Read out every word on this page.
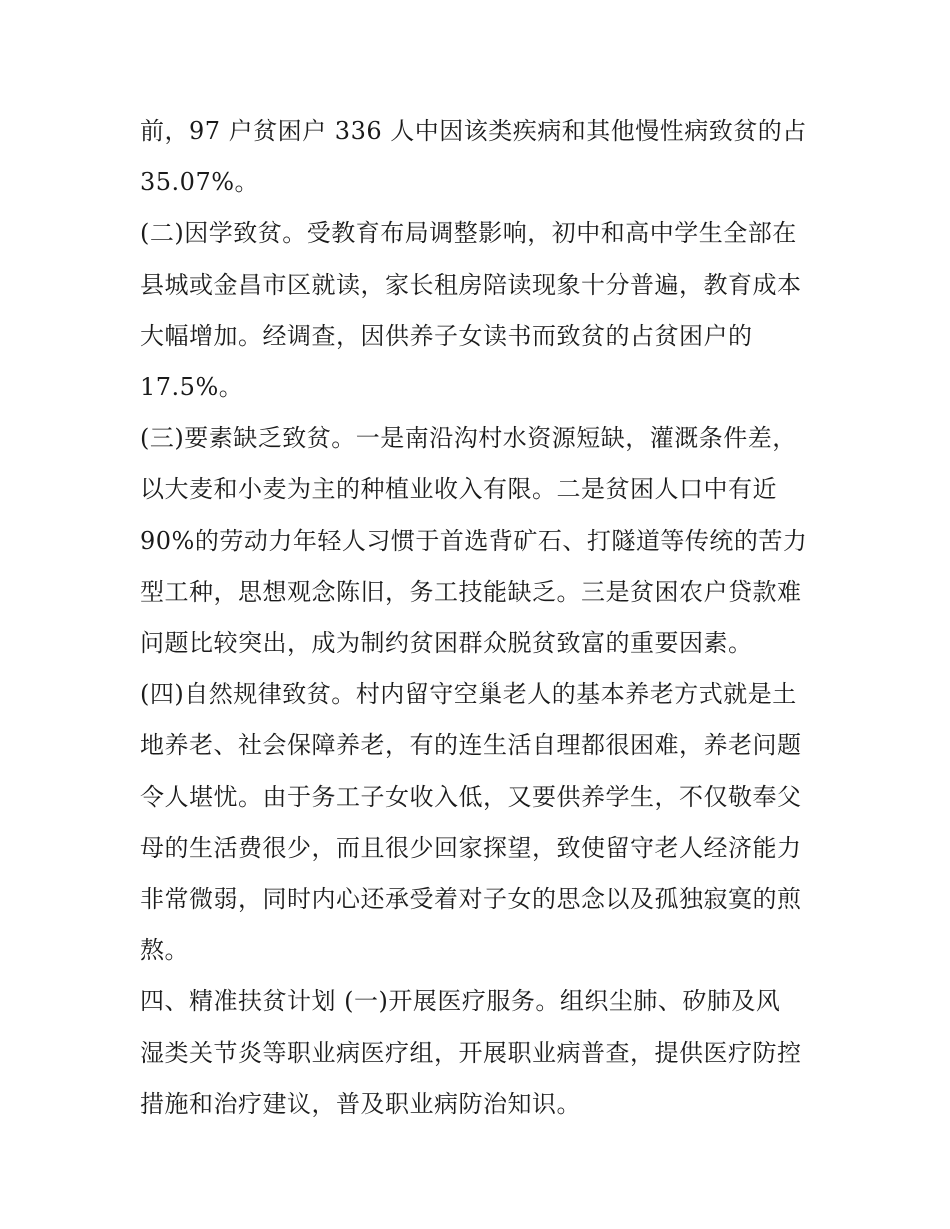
前，97 户贫困户 336 人中因该类疾病和其他慢性病致贫的占
35.07%。

(二)因学致贫。受教育布局调整影响，初中和高中学生全部在
县城或金昌市区就读，家长租房陪读现象十分普遍，教育成本
大幅增加。经调查，因供养子女读书而致贫的占贫困户的
17.5%。

(三)要素缺乏致贫。一是南沿沟村水资源短缺，灌溉条件差，
以大麦和小麦为主的种植业收入有限。二是贫困人口中有近
90%的劳动力年轻人习惯于首选背矿石、打隧道等传统的苦力
型工种，思想观念陈旧，务工技能缺乏。三是贫困农户贷款难
问题比较突出，成为制约贫困群众脱贫致富的重要因素。

(四)自然规律致贫。村内留守空巢老人的基本养老方式就是土
地养老、社会保障养老，有的连生活自理都很困难，养老问题
令人堪忧。由于务工子女收入低，又要供养学生，不仅敬奉父
母的生活费很少，而且很少回家探望，致使留守老人经济能力
非常微弱，同时内心还承受着对子女的思念以及孤独寂寞的煎
熬。

四、精准扶贫计划 (一)开展医疗服务。组织尘肺、矽肺及风
湿类关节炎等职业病医疗组，开展职业病普查，提供医疗防控
措施和治疗建议，普及职业病防治知识。
